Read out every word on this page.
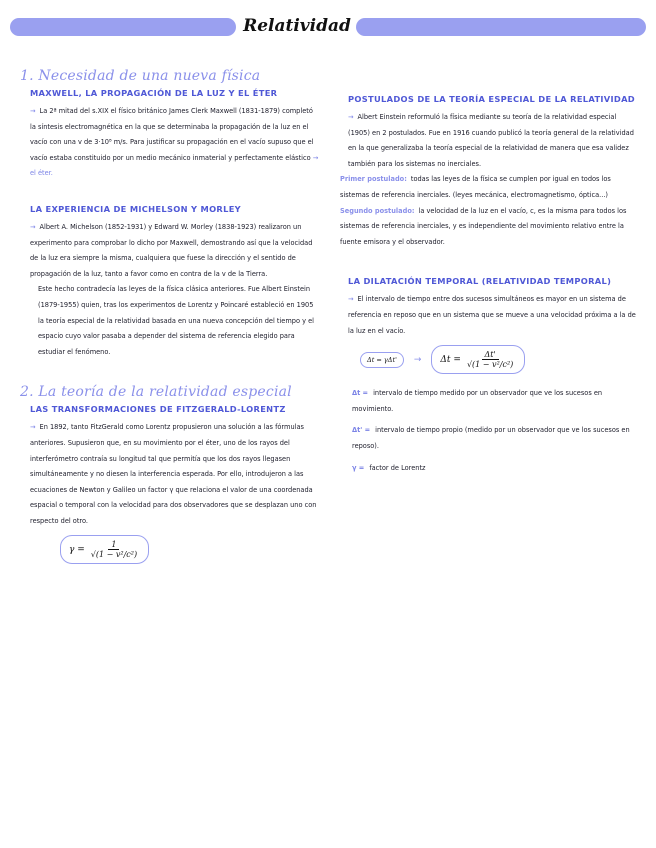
Relatividad
1. Necesidad de una nueva física
MAXWELL, LA PROPAGACIÓN DE LA LUZ Y EL ÉTER

→ La 2ª mitad del s.XIX el físico británico James Clerk Maxwell (1831-1879) completó la síntesis electromagnética en la que se determinaba la propagación de la luz en el vacío con una v de 3·10⁸ m/s. Para justificar su propagación en el vacío supuso que el vacío estaba constituido por un medio mecánico inmaterial y perfectamente elástico → el éter.

LA EXPERIENCIA DE MICHELSON Y MORLEY

→ Albert A. Michelson (1852-1931) y Edward W. Morley (1838-1923) realizaron un experimento para comprobar lo dicho por Maxwell, demostrando así que la velocidad de la luz era siempre la misma, cualquiera que fuese la dirección y el sentido de propagación de la luz, tanto a favor como en contra de la v de la Tierra.

Este hecho contradecía las leyes de la física clásica anteriores. Fue Albert Einstein (1879-1955) quien, tras los experimentos de Lorentz y Poincaré estableció en 1905 la teoría especial de la relatividad basada en una nueva concepción del tiempo y el espacio cuyo valor pasaba a depender del sistema de referencia elegido para estudiar el fenómeno.

2. La teoría de la relatividad especial
LAS TRANSFORMACIONES DE FITZGERALD-LORENTZ

→ En 1892, tanto FitzGerald como Lorentz propusieron una solución a las fórmulas anteriores. Supusieron que, en su movimiento por el éter, uno de los rayos del interferómetro contraía su longitud tal que permitía que los dos rayos llegasen simultáneamente y no diesen la interferencia esperada. Por ello, introdujeron a las ecuaciones de Newton y Galileo un factor γ que relaciona el valor de una coordenada espacial o temporal con la velocidad para dos observadores que se desplazan uno con respecto del otro.

$\gamma = \frac{1}{\text{√(1 − v²/c²)}}$
POSTULADOS DE LA TEORÍA ESPECIAL DE LA RELATIVIDAD

→ Albert Einstein reformuló la física mediante su teoría de la relatividad especial (1905) en 2 postulados. Fue en 1916 cuando publicó la teoría general de la relatividad en la que generalizaba la teoría especial de la relatividad de manera que esa validez también para los sistemas no inerciales.

Primer postulado: todas las leyes de la física se cumplen por igual en todos los sistemas de referencia inerciales. (leyes mecánica, electromagnetismo, óptica...)

Segundo postulado: la velocidad de la luz en el vacío, c, es la misma para todos los sistemas de referencia inerciales, y es independiente del movimiento relativo entre la fuente emisora y el observador.

LA DILATACIÓN TEMPORAL (RELATIVIDAD TEMPORAL)

→ El intervalo de tiempo entre dos sucesos simultáneos es mayor en un sistema de referencia en reposo que en un sistema que se mueve a una velocidad próxima a la de la luz en el vacío.

Δt = γΔt'	→ $\Delta t = \frac{\Delta t'}{\text{√(1 − v²/c²)}}$

Δt = intervalo de tiempo medido por un observador que ve los sucesos en movimiento.

Δt' = intervalo de tiempo propio (medido por un observador que ve los sucesos en reposo).

γ = factor de Lorentz
